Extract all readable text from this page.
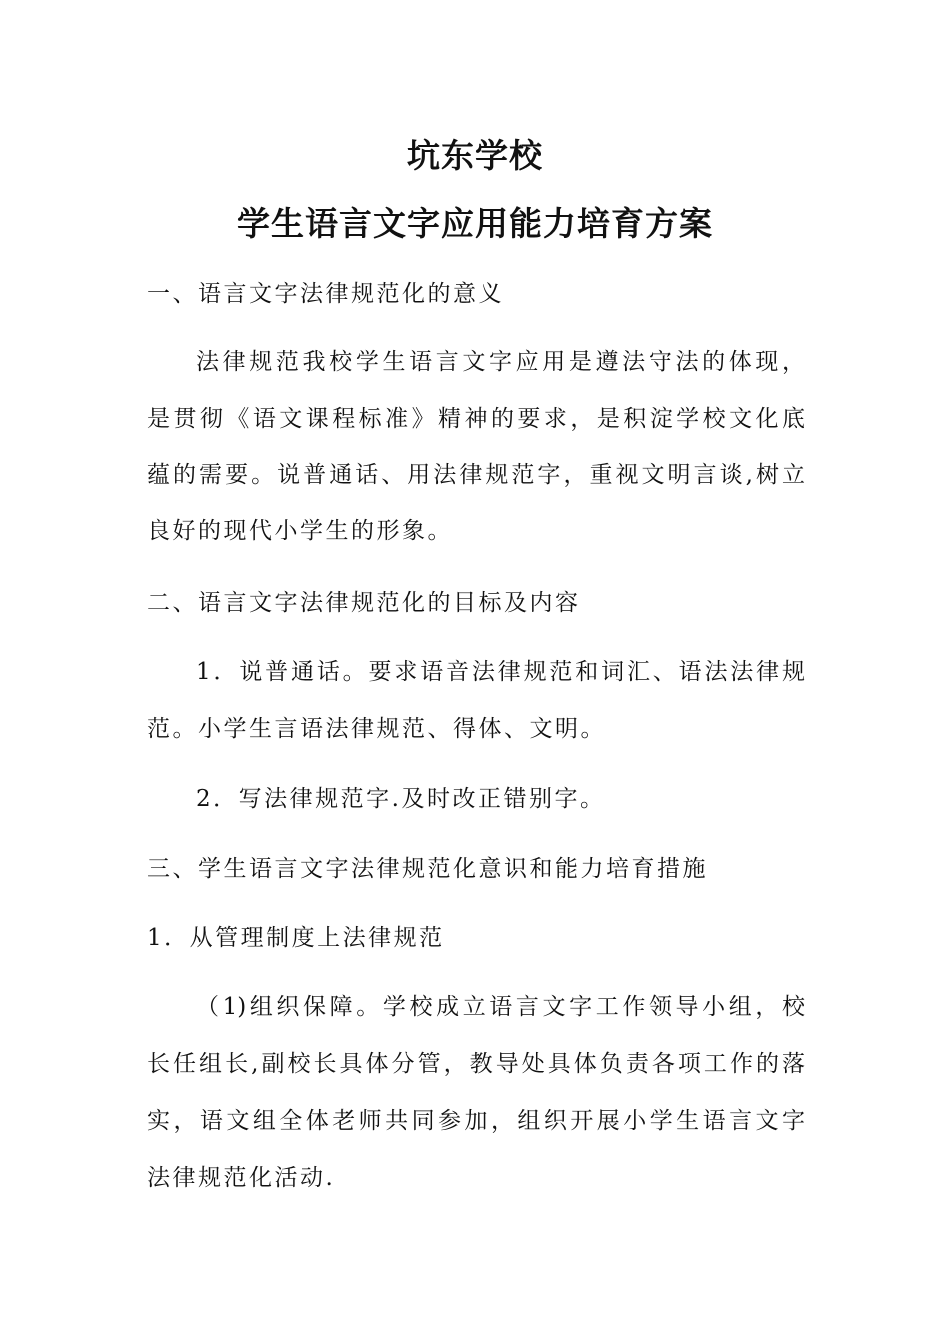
坑东学校
学生语言文字应用能力培育方案
一、语言文字法律规范化的意义
法律规范我校学生语言文字应用是遵法守法的体现，
是贯彻《语文课程标准》精神的要求，是积淀学校文化底
蕴的需要。说普通话、用法律规范字，重视文明言谈,树立
良好的现代小学生的形象。
二、语言文字法律规范化的目标及内容
1．说普通话。要求语音法律规范和词汇、语法法律规
范。小学生言语法律规范、得体、文明。
2．写法律规范字.及时改正错别字。
三、学生语言文字法律规范化意识和能力培育措施
1．从管理制度上法律规范
（1)组织保障。学校成立语言文字工作领导小组，校
长任组长,副校长具体分管，教导处具体负责各项工作的落
实，语文组全体老师共同参加，组织开展小学生语言文字
法律规范化活动.
